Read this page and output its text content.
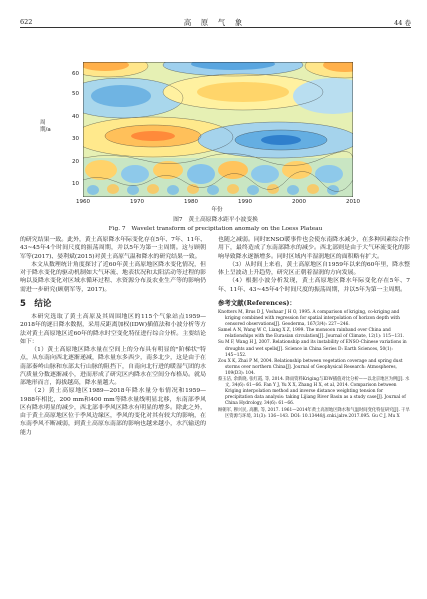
622	高　原　气　象	44 卷
周期/a
60
50
40
30
20
10
1960	1970	1980	1990	2000	2010
年份
图7　黄土高原降水距平小波变换
Fig. 7　Wavelet transform of precipitation anomaly on the Loess Plateau

的研究结果一致。此外，黄土高原降水年际变化存在5年、7年、11年、43~45年4个时间尺度的振荡周期，并以5年为第一主周期。这与顾朝军等(2017)、晏利斌(2015)对黄土高原气温和降水的研究结果一致。

本文从数理统计角度探讨了近60年黄土高原地区降水变化情况，但对于降水变化的驱动机制如大气环流、地表状况和太阳活动等过程的影响以及降水变化对区域水循环过程、水资源分布及农业生产等的影响仍需进一步研究(顾朝军等，2017)。

5　结论

本研究选取了黄土高原及其周围地区的115个气象站点1959—2018年的逐日降水数据，采用反距离加权(IDW)插值法和小波分析等方法对黄土高原地区近60年的降水时空变化特征进行综合分析。主要结论如下：

（1）黄土高原地区降水量在空间上的分布具有明显的"阶梯状"特点，从东南向西北逐渐递减，降水量东多西少，南多北少，这是由于在南部秦岭山脉和东部太行山脉的阻挡下，自南向北行进的暖湿气团的水汽质量分数逐渐减小，进而形成了研究区内降水在空间分布格局。就局部地形而言，海拔越高，降水量越大。

（2）黄土高原地区1989—2018年降水量分布情况和1959—1988年相比，200 mm和400 mm等降水量线明显北移，东南部季风区有降水明显的减少，西北部非季风区降水有明显的增多。除此之外，由于黄土高原地区位于季风边缘区，季风的变化对其有较大的影响，在东南季风不断减弱，到黄土高原东南部的影响也越来越小，水汽输送的能力

也随之减弱。同时ENSO暖事件也会使东南降水减少，在多种因素综合作用下，最终造成了东南部降水的减少。西北部则是由于大气环流变化的影响导致降水逐渐增多。同时区域内半湿润地区的面积略有扩大。

（3）从时间上来看，黄土高原地区自1959年以来的60年里，降水整体上呈波动上升趋势，研究区正朝着湿润的方向发展。

（4）根据小波分析发现，黄土高原地区降水年际变化存在5年、7年、11年、43~45年4个时间尺度的振荡周期，并以5年为第一主周期。

参考文献(References)：

Knotters M, Brus D J, Voshaar J H O, 1995. A comparison of kriging, co-kriging and kriging combined with regression for spatial interpolation of horizon depth with censored observations[J]. Geoderma, 167(3/4): 227−246.

Samel A N, Wang W C, Liang X Z, 1999. The monsoon rainband over China and relationships with the Eurasian circulation[J]. Journal of Climate, 12(1): 115−131.

Su M F, Wang H J, 2007. Relationship and its instability of ENSO-Chinese variations in droughts and wet spells[J]. Science in China Series D: Earth Sciences, 50(1): 145−152.

Zou X K, Zhai P M, 2004. Relationship between vegetation coverage and spring dust storms over northern China[J]. Journal of Geophysical Research: Atmospheres, 109(D3): 104.

蔡玉洁, 余新晓, 张红霞, 等, 2014. 降雨资料Kriging与IDW插值对比分析——以北京地区为例[J]. 水文, 34(6): 61−66. Fan Y J, Yu X X, Zhang H X, et al, 2014. Comparison between Kriging interpolation method and inverse distance weighting tension for precipitation data analysis: taking Lijiang River Basin as a study case[J]. Journal of China Hydrology, 34(6): 61−66.

顾朝军, 穆兴民, 高鹏, 等, 2017. 1961—2014年黄土高原地区降水和气温时间变化特征研究[J]. 干旱区资源与环境, 31(3): 136−143. DOI: 10.13448/j.cnki.jalre.2017.095. Gu C J, Mu X
